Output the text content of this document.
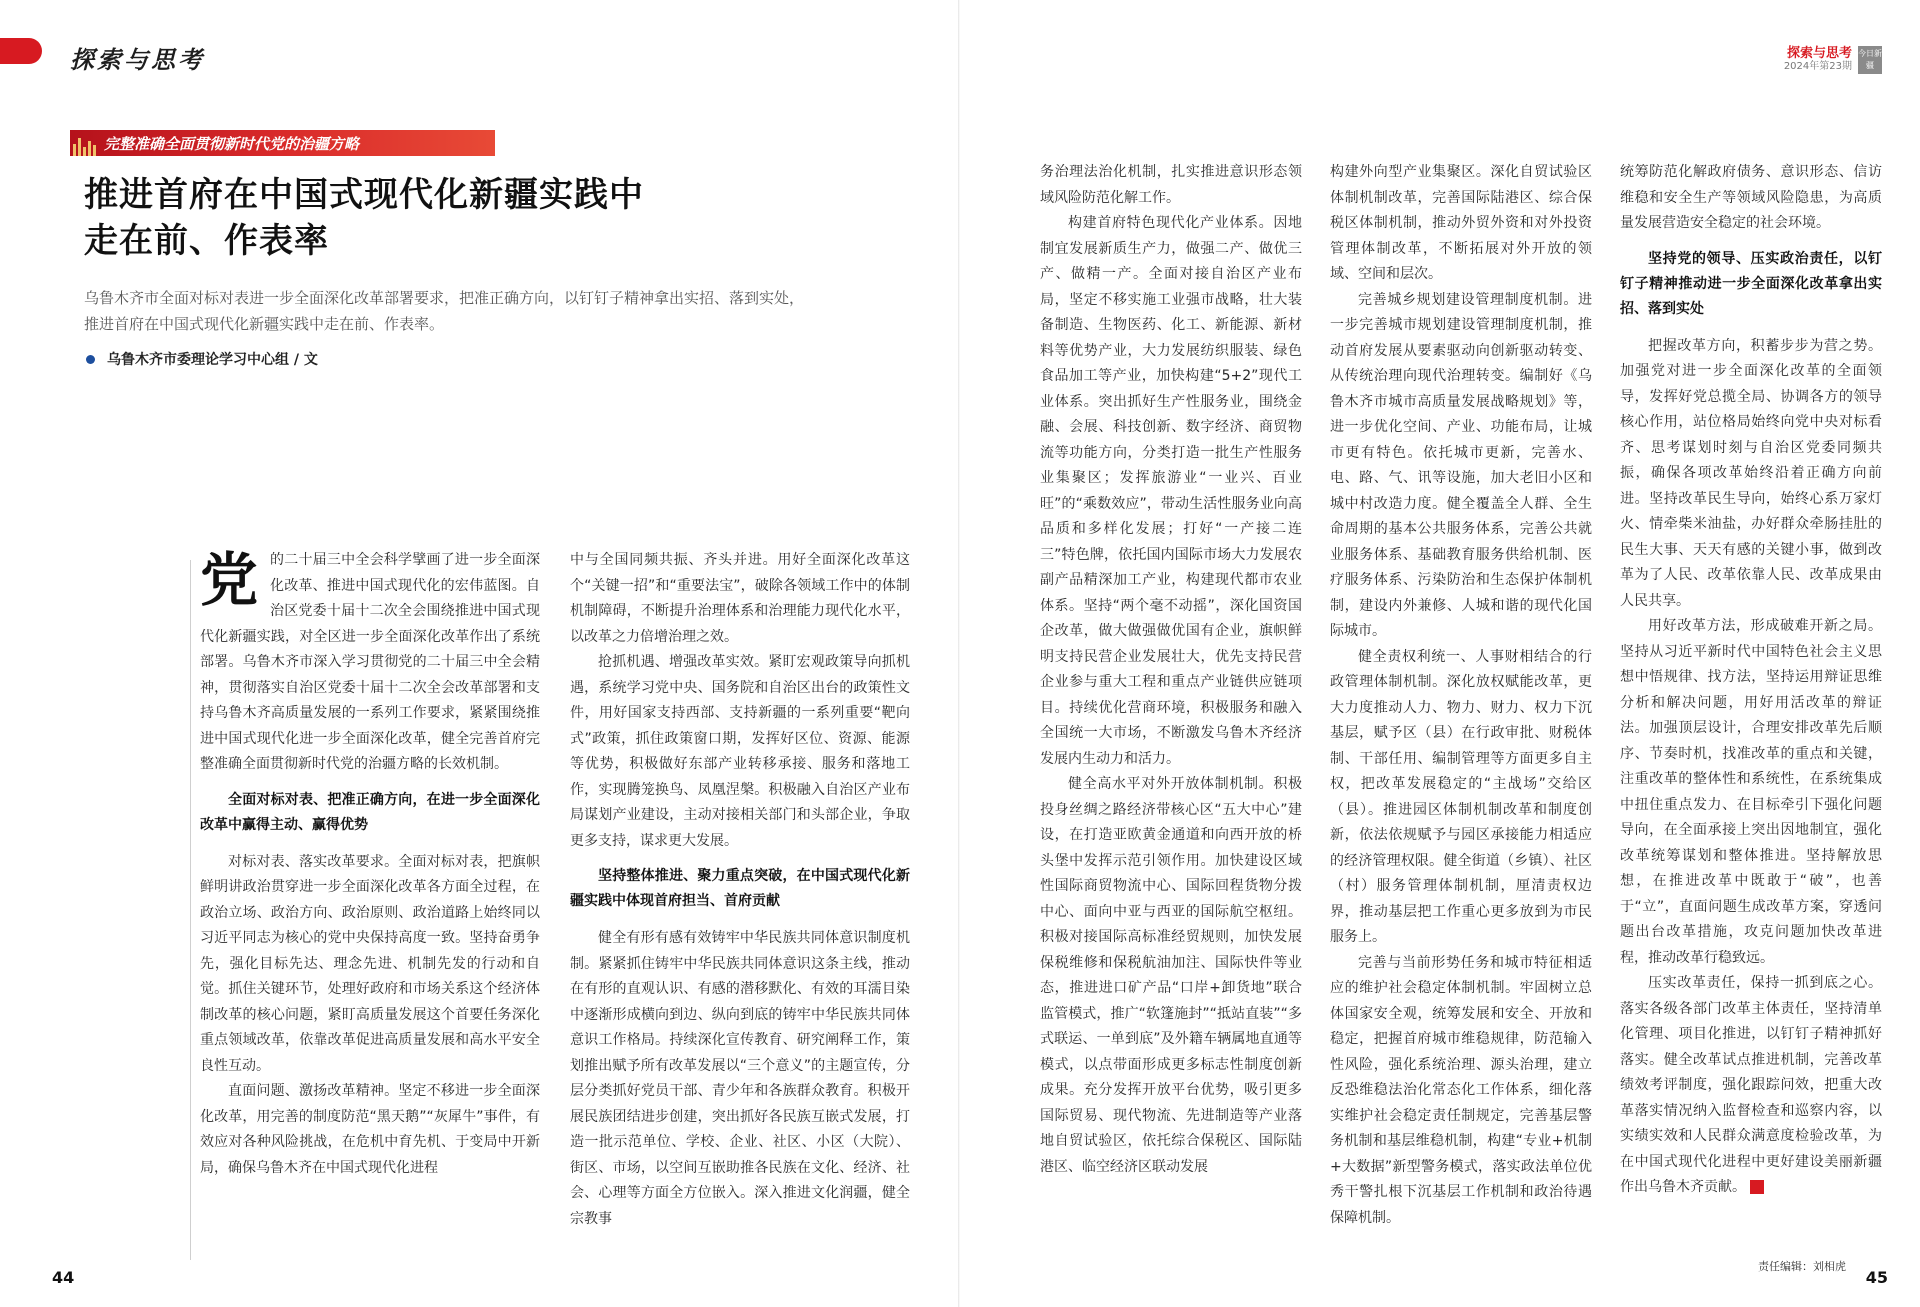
探索与思考
完整准确全面贯彻新时代党的治疆方略
推进首府在中国式现代化新疆实践中
走在前、作表率

乌鲁木齐市全面对标对表进一步全面深化改革部署要求，把准正确方向，以钉钉子精神拿出实招、落到实处，推进首府在中国式现代化新疆实践中走在前、作表率。

乌鲁木齐市委理论学习中心组 / 文

党的二十届三中全会科学擘画了进一步全面深化改革、推进中国式现代化的宏伟蓝图。自治区党委十届十二次全会围绕推进中国式现代化新疆实践，对全区进一步全面深化改革作出了系统部署。乌鲁木齐市深入学习贯彻党的二十届三中全会精神，贯彻落实自治区党委十届十二次全会改革部署和支持乌鲁木齐高质量发展的一系列工作要求，紧紧围绕推进中国式现代化进一步全面深化改革，健全完善首府完整准确全面贯彻新时代党的治疆方略的长效机制。

全面对标对表、把准正确方向，在进一步全面深化改革中赢得主动、赢得优势

对标对表、落实改革要求。全面对标对表，把旗帜鲜明讲政治贯穿进一步全面深化改革各方面全过程，在政治立场、政治方向、政治原则、政治道路上始终同以习近平同志为核心的党中央保持高度一致。坚持奋勇争先，强化目标先达、理念先进、机制先发的行动和自觉。抓住关键环节，处理好政府和市场关系这个经济体制改革的核心问题，紧盯高质量发展这个首要任务深化重点领域改革，依靠改革促进高质量发展和高水平安全良性互动。

直面问题、激扬改革精神。坚定不移进一步全面深化改革，用完善的制度防范“黑天鹅”“灰犀牛”事件，有效应对各种风险挑战，在危机中育先机、于变局中开新局，确保乌鲁木齐在中国式现代化进程

中与全国同频共振、齐头并进。用好全面深化改革这个“关键一招”和“重要法宝”，破除各领域工作中的体制机制障碍，不断提升治理体系和治理能力现代化水平，以改革之力倍增治理之效。

抢抓机遇、增强改革实效。紧盯宏观政策导向抓机遇，系统学习党中央、国务院和自治区出台的政策性文件，用好国家支持西部、支持新疆的一系列重要“靶向式”政策，抓住政策窗口期，发挥好区位、资源、能源等优势，积极做好东部产业转移承接、服务和落地工作，实现腾笼换鸟、凤凰涅槃。积极融入自治区产业布局谋划产业建设，主动对接相关部门和头部企业，争取更多支持，谋求更大发展。

坚持整体推进、聚力重点突破，在中国式现代化新疆实践中体现首府担当、首府贡献

健全有形有感有效铸牢中华民族共同体意识制度机制。紧紧抓住铸牢中华民族共同体意识这条主线，推动在有形的直观认识、有感的潜移默化、有效的耳濡目染中逐渐形成横向到边、纵向到底的铸牢中华民族共同体意识工作格局。持续深化宣传教育、研究阐释工作，策划推出赋予所有改革发展以“三个意义”的主题宣传，分层分类抓好党员干部、青少年和各族群众教育。积极开展民族团结进步创建，突出抓好各民族互嵌式发展，打造一批示范单位、学校、企业、社区、小区（大院）、街区、市场，以空间互嵌助推各民族在文化、经济、社会、心理等方面全方位嵌入。深入推进文化润疆，健全宗教事

44
探索与思考
2024年第23期
今日新疆

务治理法治化机制，扎实推进意识形态领域风险防范化解工作。

构建首府特色现代化产业体系。因地制宜发展新质生产力，做强二产、做优三产、做精一产。全面对接自治区产业布局，坚定不移实施工业强市战略，壮大装备制造、生物医药、化工、新能源、新材料等优势产业，大力发展纺织服装、绿色食品加工等产业，加快构建“5+2”现代工业体系。突出抓好生产性服务业，围绕金融、会展、科技创新、数字经济、商贸物流等功能方向，分类打造一批生产性服务业集聚区；发挥旅游业“一业兴、百业旺”的“乘数效应”，带动生活性服务业向高品质和多样化发展；打好“一产接二连三”特色牌，依托国内国际市场大力发展农副产品精深加工产业，构建现代都市农业体系。坚持“两个毫不动摇”，深化国资国企改革，做大做强做优国有企业，旗帜鲜明支持民营企业发展壮大，优先支持民营企业参与重大工程和重点产业链供应链项目。持续优化营商环境，积极服务和融入全国统一大市场，不断激发乌鲁木齐经济发展内生动力和活力。

健全高水平对外开放体制机制。积极投身丝绸之路经济带核心区“五大中心”建设，在打造亚欧黄金通道和向西开放的桥头堡中发挥示范引领作用。加快建设区域性国际商贸物流中心、国际回程货物分拨中心、面向中亚与西亚的国际航空枢纽。积极对接国际高标准经贸规则，加快发展保税维修和保税航油加注、国际快件等业态，推进进口矿产品“口岸+卸货地”联合监管模式，推广“软篷施封”“抵站直装”“多式联运、一单到底”及外籍车辆属地直通等模式，以点带面形成更多标志性制度创新成果。充分发挥开放平台优势，吸引更多国际贸易、现代物流、先进制造等产业落地自贸试验区，依托综合保税区、国际陆港区、临空经济区联动发展

构建外向型产业集聚区。深化自贸试验区体制机制改革，完善国际陆港区、综合保税区体制机制，推动外贸外资和对外投资管理体制改革，不断拓展对外开放的领域、空间和层次。

完善城乡规划建设管理制度机制。进一步完善城市规划建设管理制度机制，推动首府发展从要素驱动向创新驱动转变、从传统治理向现代治理转变。编制好《乌鲁木齐市城市高质量发展战略规划》等，进一步优化空间、产业、功能布局，让城市更有特色。依托城市更新，完善水、电、路、气、讯等设施，加大老旧小区和城中村改造力度。健全覆盖全人群、全生命周期的基本公共服务体系，完善公共就业服务体系、基础教育服务供给机制、医疗服务体系、污染防治和生态保护体制机制，建设内外兼修、人城和谐的现代化国际城市。

健全责权利统一、人事财相结合的行政管理体制机制。深化放权赋能改革，更大力度推动人力、物力、财力、权力下沉基层，赋予区（县）在行政审批、财税体制、干部任用、编制管理等方面更多自主权，把改革发展稳定的“主战场”交给区（县）。推进园区体制机制改革和制度创新，依法依规赋予与园区承接能力相适应的经济管理权限。健全街道（乡镇）、社区（村）服务管理体制机制，厘清责权边界，推动基层把工作重心更多放到为市民服务上。

完善与当前形势任务和城市特征相适应的维护社会稳定体制机制。牢固树立总体国家安全观，统筹发展和安全、开放和稳定，把握首府城市维稳规律，防范输入性风险，强化系统治理、源头治理，建立反恐维稳法治化常态化工作体系，细化落实维护社会稳定责任制规定，完善基层警务机制和基层维稳机制，构建“专业+机制+大数据”新型警务模式，落实政法单位优秀干警扎根下沉基层工作机制和政治待遇保障机制。

统筹防范化解政府债务、意识形态、信访维稳和安全生产等领域风险隐患，为高质量发展营造安全稳定的社会环境。

坚持党的领导、压实政治责任，以钉钉子精神推动进一步全面深化改革拿出实招、落到实处

把握改革方向，积蓄步步为营之势。加强党对进一步全面深化改革的全面领导，发挥好党总揽全局、协调各方的领导核心作用，站位格局始终向党中央对标看齐、思考谋划时刻与自治区党委同频共振，确保各项改革始终沿着正确方向前进。坚持改革民生导向，始终心系万家灯火、情牵柴米油盐，办好群众牵肠挂肚的民生大事、天天有感的关键小事，做到改革为了人民、改革依靠人民、改革成果由人民共享。

用好改革方法，形成破难开新之局。坚持从习近平新时代中国特色社会主义思想中悟规律、找方法，坚持运用辩证思维分析和解决问题，用好用活改革的辩证法。加强顶层设计，合理安排改革先后顺序、节奏时机，找准改革的重点和关键，注重改革的整体性和系统性，在系统集成中扭住重点发力、在目标牵引下强化问题导向，在全面承接上突出因地制宜，强化改革统筹谋划和整体推进。坚持解放思想，在推进改革中既敢于“破”，也善于“立”，直面问题生成改革方案，穿透问题出台改革措施，攻克问题加快改革进程，推动改革行稳致远。

压实改革责任，保持一抓到底之心。落实各级各部门改革主体责任，坚持清单化管理、项目化推进，以钉钉子精神抓好落实。健全改革试点推进机制，完善改革绩效考评制度，强化跟踪问效，把重大改革落实情况纳入监督检查和巡察内容，以实绩实效和人民群众满意度检验改革，为在中国式现代化进程中更好建设美丽新疆作出乌鲁木齐贡献。

责任编辑：刘相虎
45
